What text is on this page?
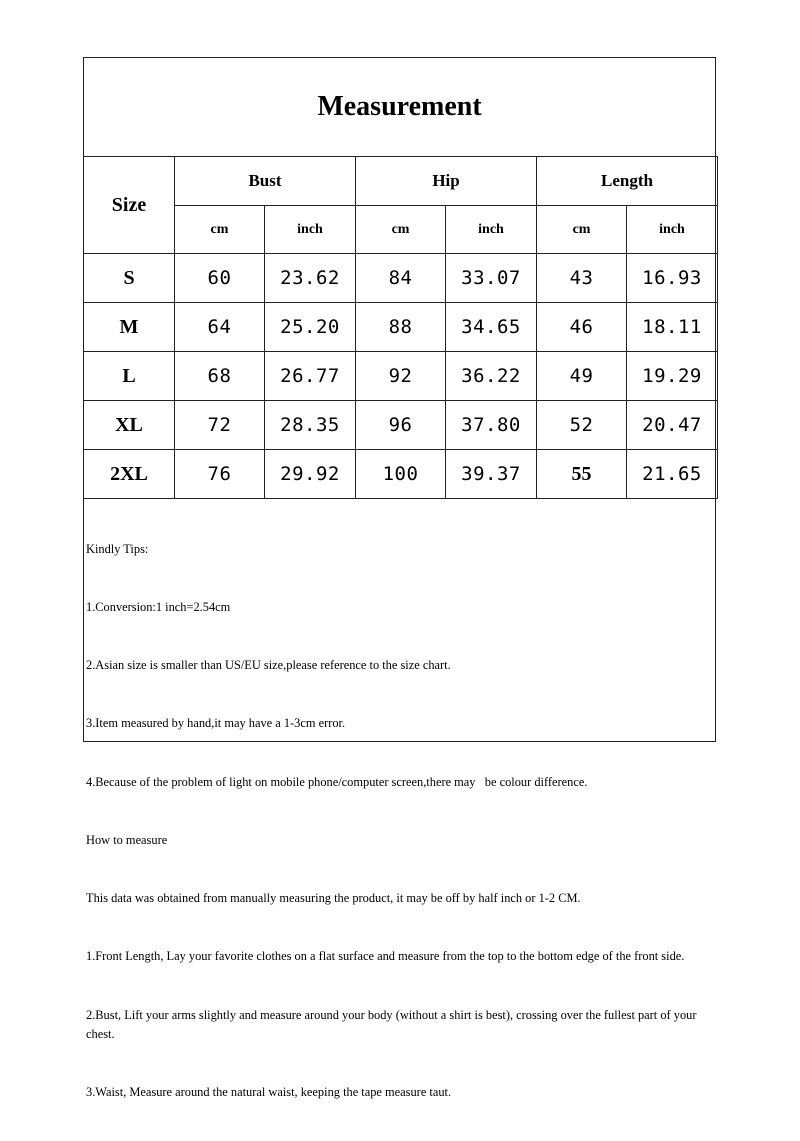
Measurement
Size	Bust		Hip		Length	
	cm	inch	cm	inch	cm	inch
S	60	23.62	84	33.07	43	16.93
M	64	25.20	88	34.65	46	18.11
L	68	26.77	92	36.22	49	19.29
XL	72	28.35	96	37.80	52	20.47
2XL	76	29.92	100	39.37	55	21.65

Kindly Tips:

1.Conversion:1 inch=2.54cm

2.Asian size is smaller than US/EU size,please reference to the size chart.

3.Item measured by hand,it may have a 1-3cm error.

4.Because of the problem of light on mobile phone/computer screen,there may   be colour difference.

How to measure

This data was obtained from manually measuring the product, it may be off by half inch or 1-2 CM.

1.Front Length, Lay your favorite clothes on a flat surface and measure from the top to the bottom edge of the front side.

2.Bust, Lift your arms slightly and measure around your body (without a shirt is best), crossing over the fullest part of your chest.

3.Waist, Measure around the natural waist, keeping the tape measure taut.
